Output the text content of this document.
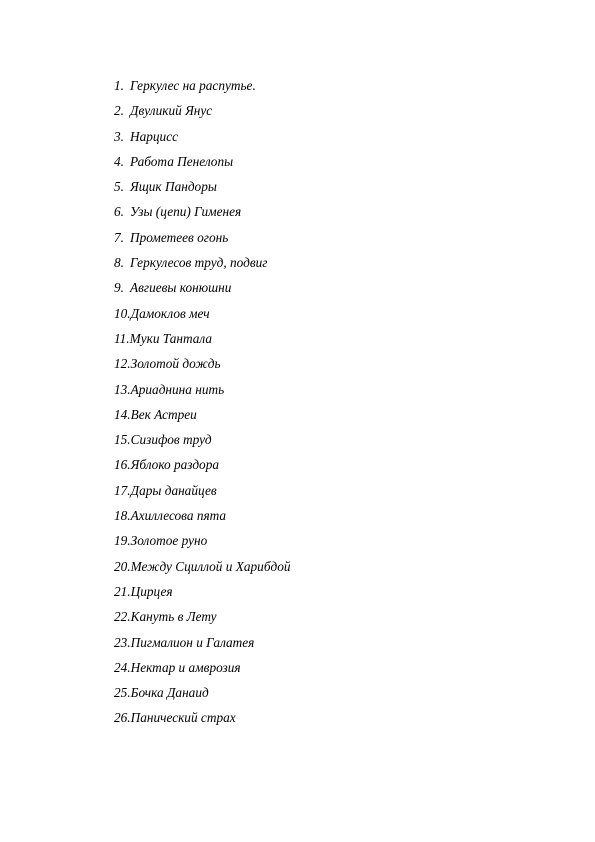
1. Геркулес на распутье.
2. Двуликий Янус
3. Нарцисс
4. Работа Пенелопы
5. Ящик Пандоры
6. Узы (цепи) Гименея
7. Прометеев огонь
8. Геркулесов труд, подвиг
9. Авгиевы конюшни
10.Дамоклов меч
11.Муки Тантала
12.Золотой дождь
13.Ариаднина нить
14.Век Астреи
15.Сизифов труд
16.Яблоко раздора
17.Дары данайцев
18.Ахиллесова пята
19.Золотое руно
20.Между Сциллой и Харибдой
21.Цирцея
22.Кануть в Лету
23.Пигмалион и Галатея
24.Нектар и амврозия
25.Бочка Данаид
26.Панический страх
